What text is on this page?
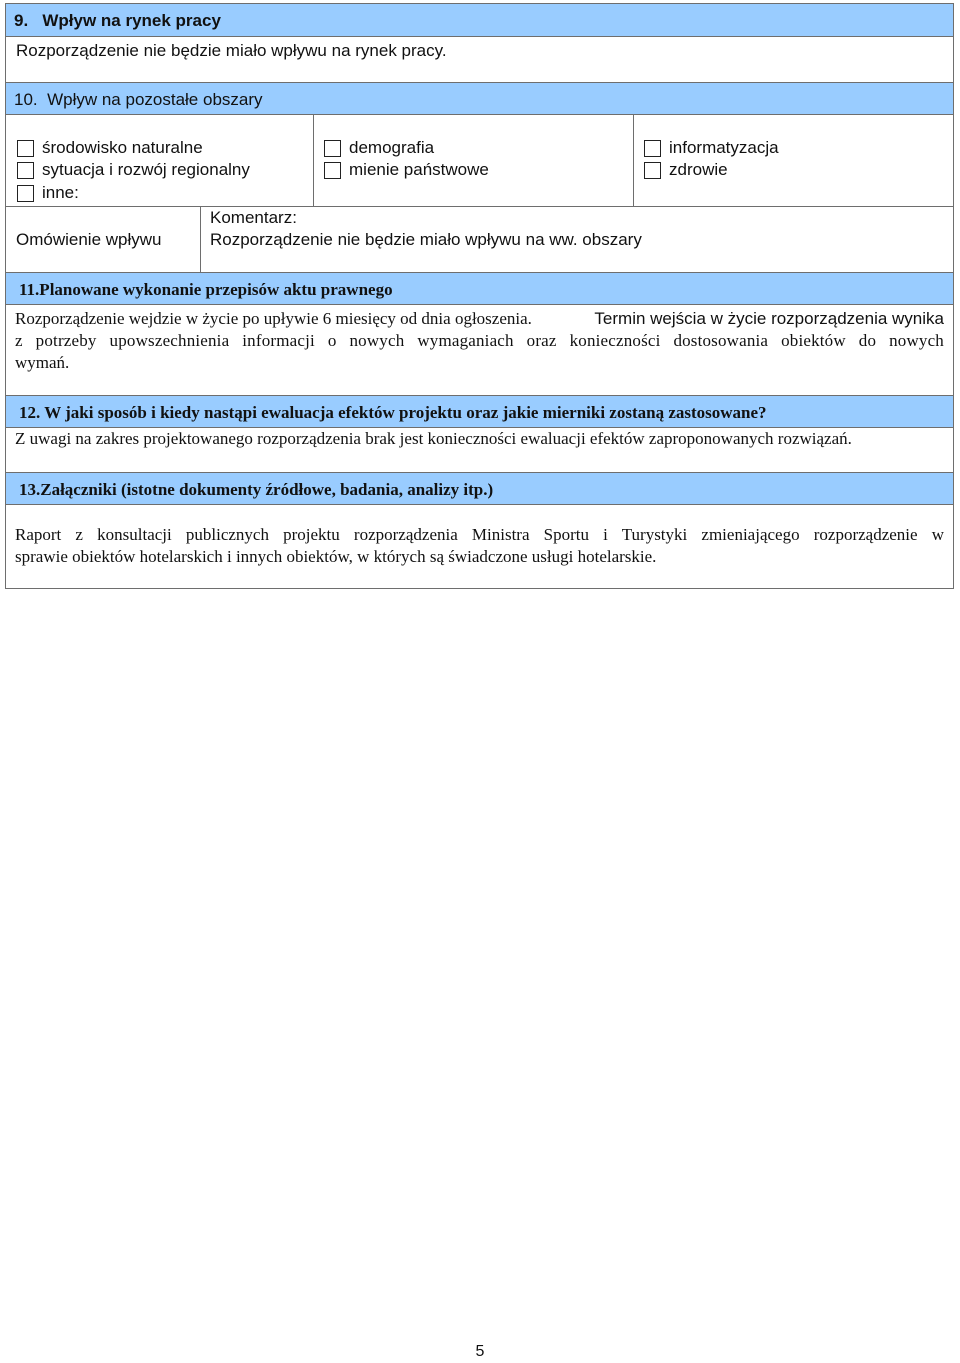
9.   Wpływ na rynek pracy
Rozporządzenie nie będzie miało wpływu na rynek pracy.
10.  Wpływ na pozostałe obszary
środowisko naturalne
sytuacja i rozwój regionalny
inne:
demografia
mienie państwowe
informatyzacja
zdrowie
Omówienie wpływu
Komentarz:
Rozporządzenie nie będzie miało wpływu na ww. obszary
11.Planowane wykonanie przepisów aktu prawnego
Rozporządzenie wejdzie w życie po upływie 6 miesięcy od dnia ogłoszenia.	Termin wejścia w życie rozporządzenia wynika
z potrzeby upowszechnienia informacji o nowych wymaganiach oraz konieczności dostosowania obiektów do nowych
wymań.
12. W jaki sposób i kiedy nastąpi ewaluacja efektów projektu oraz jakie mierniki zostaną zastosowane?
Z uwagi na zakres projektowanego rozporządzenia brak jest konieczności ewaluacji efektów zaproponowanych rozwiązań.
13.Załączniki (istotne dokumenty źródłowe, badania, analizy itp.)
Raport z konsultacji publicznych projektu rozporządzenia Ministra Sportu i Turystyki zmieniającego rozporządzenie w
sprawie obiektów hotelarskich i innych obiektów, w których są świadczone usługi hotelarskie.
5
